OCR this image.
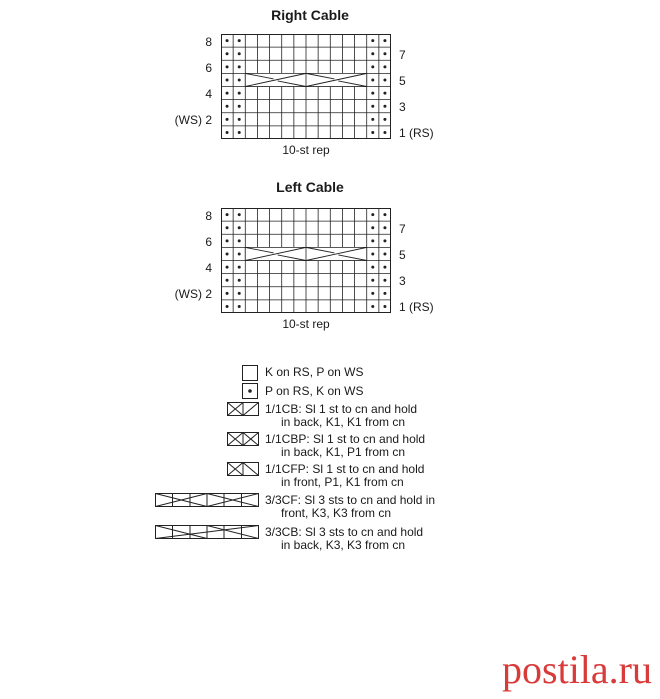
Right Cable
8
6
4
(WS) 2
7
5
3
1 (RS)
10-st rep
Left Cable
8
6
4
(WS) 2
7
5
3
1 (RS)
10-st rep
K on RS, P on WS
P on RS, K on WS
1/1CB: Sl 1 st to cn and hold
in back, K1, K1 from cn
1/1CBP: Sl 1 st to cn and hold
in back, K1, P1 from cn
1/1CFP: Sl 1 st to cn and hold
in front, P1, K1 from cn
3/3CF: Sl 3 sts to cn and hold in
front, K3, K3 from cn
3/3CB: Sl 3 sts to cn and hold
in back, K3, K3 from cn
postila.ru
